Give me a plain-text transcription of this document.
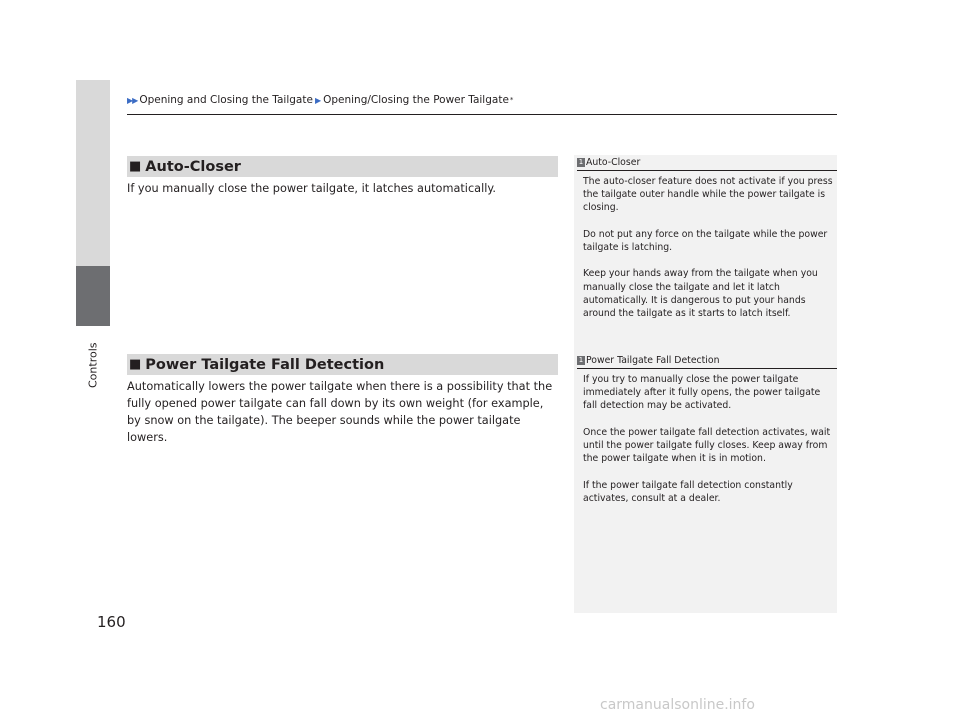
Controls
▶▶ Opening and Closing the Tailgate ▶ Opening/Closing the Power Tailgate *
■ Auto-Closer
If you manually close the power tailgate, it latches automatically.
■ Power Tailgate Fall Detection
Automatically lowers the power tailgate when there is a possibility that the fully opened power tailgate can fall down by its own weight (for example, by snow on the tailgate). The beeper sounds while the power tailgate lowers.
1 Auto-Closer

The auto-closer feature does not activate if you press the tailgate outer handle while the power tailgate is closing.

Do not put any force on the tailgate while the power tailgate is latching.

Keep your hands away from the tailgate when you manually close the tailgate and let it latch automatically. It is dangerous to put your hands around the tailgate as it starts to latch itself.

1 Power Tailgate Fall Detection

If you try to manually close the power tailgate immediately after it fully opens, the power tailgate fall detection may be activated.

Once the power tailgate fall detection activates, wait until the power tailgate fully closes. Keep away from the power tailgate when it is in motion.

If the power tailgate fall detection constantly activates, consult at a dealer.

160
carmanualsonline.info
